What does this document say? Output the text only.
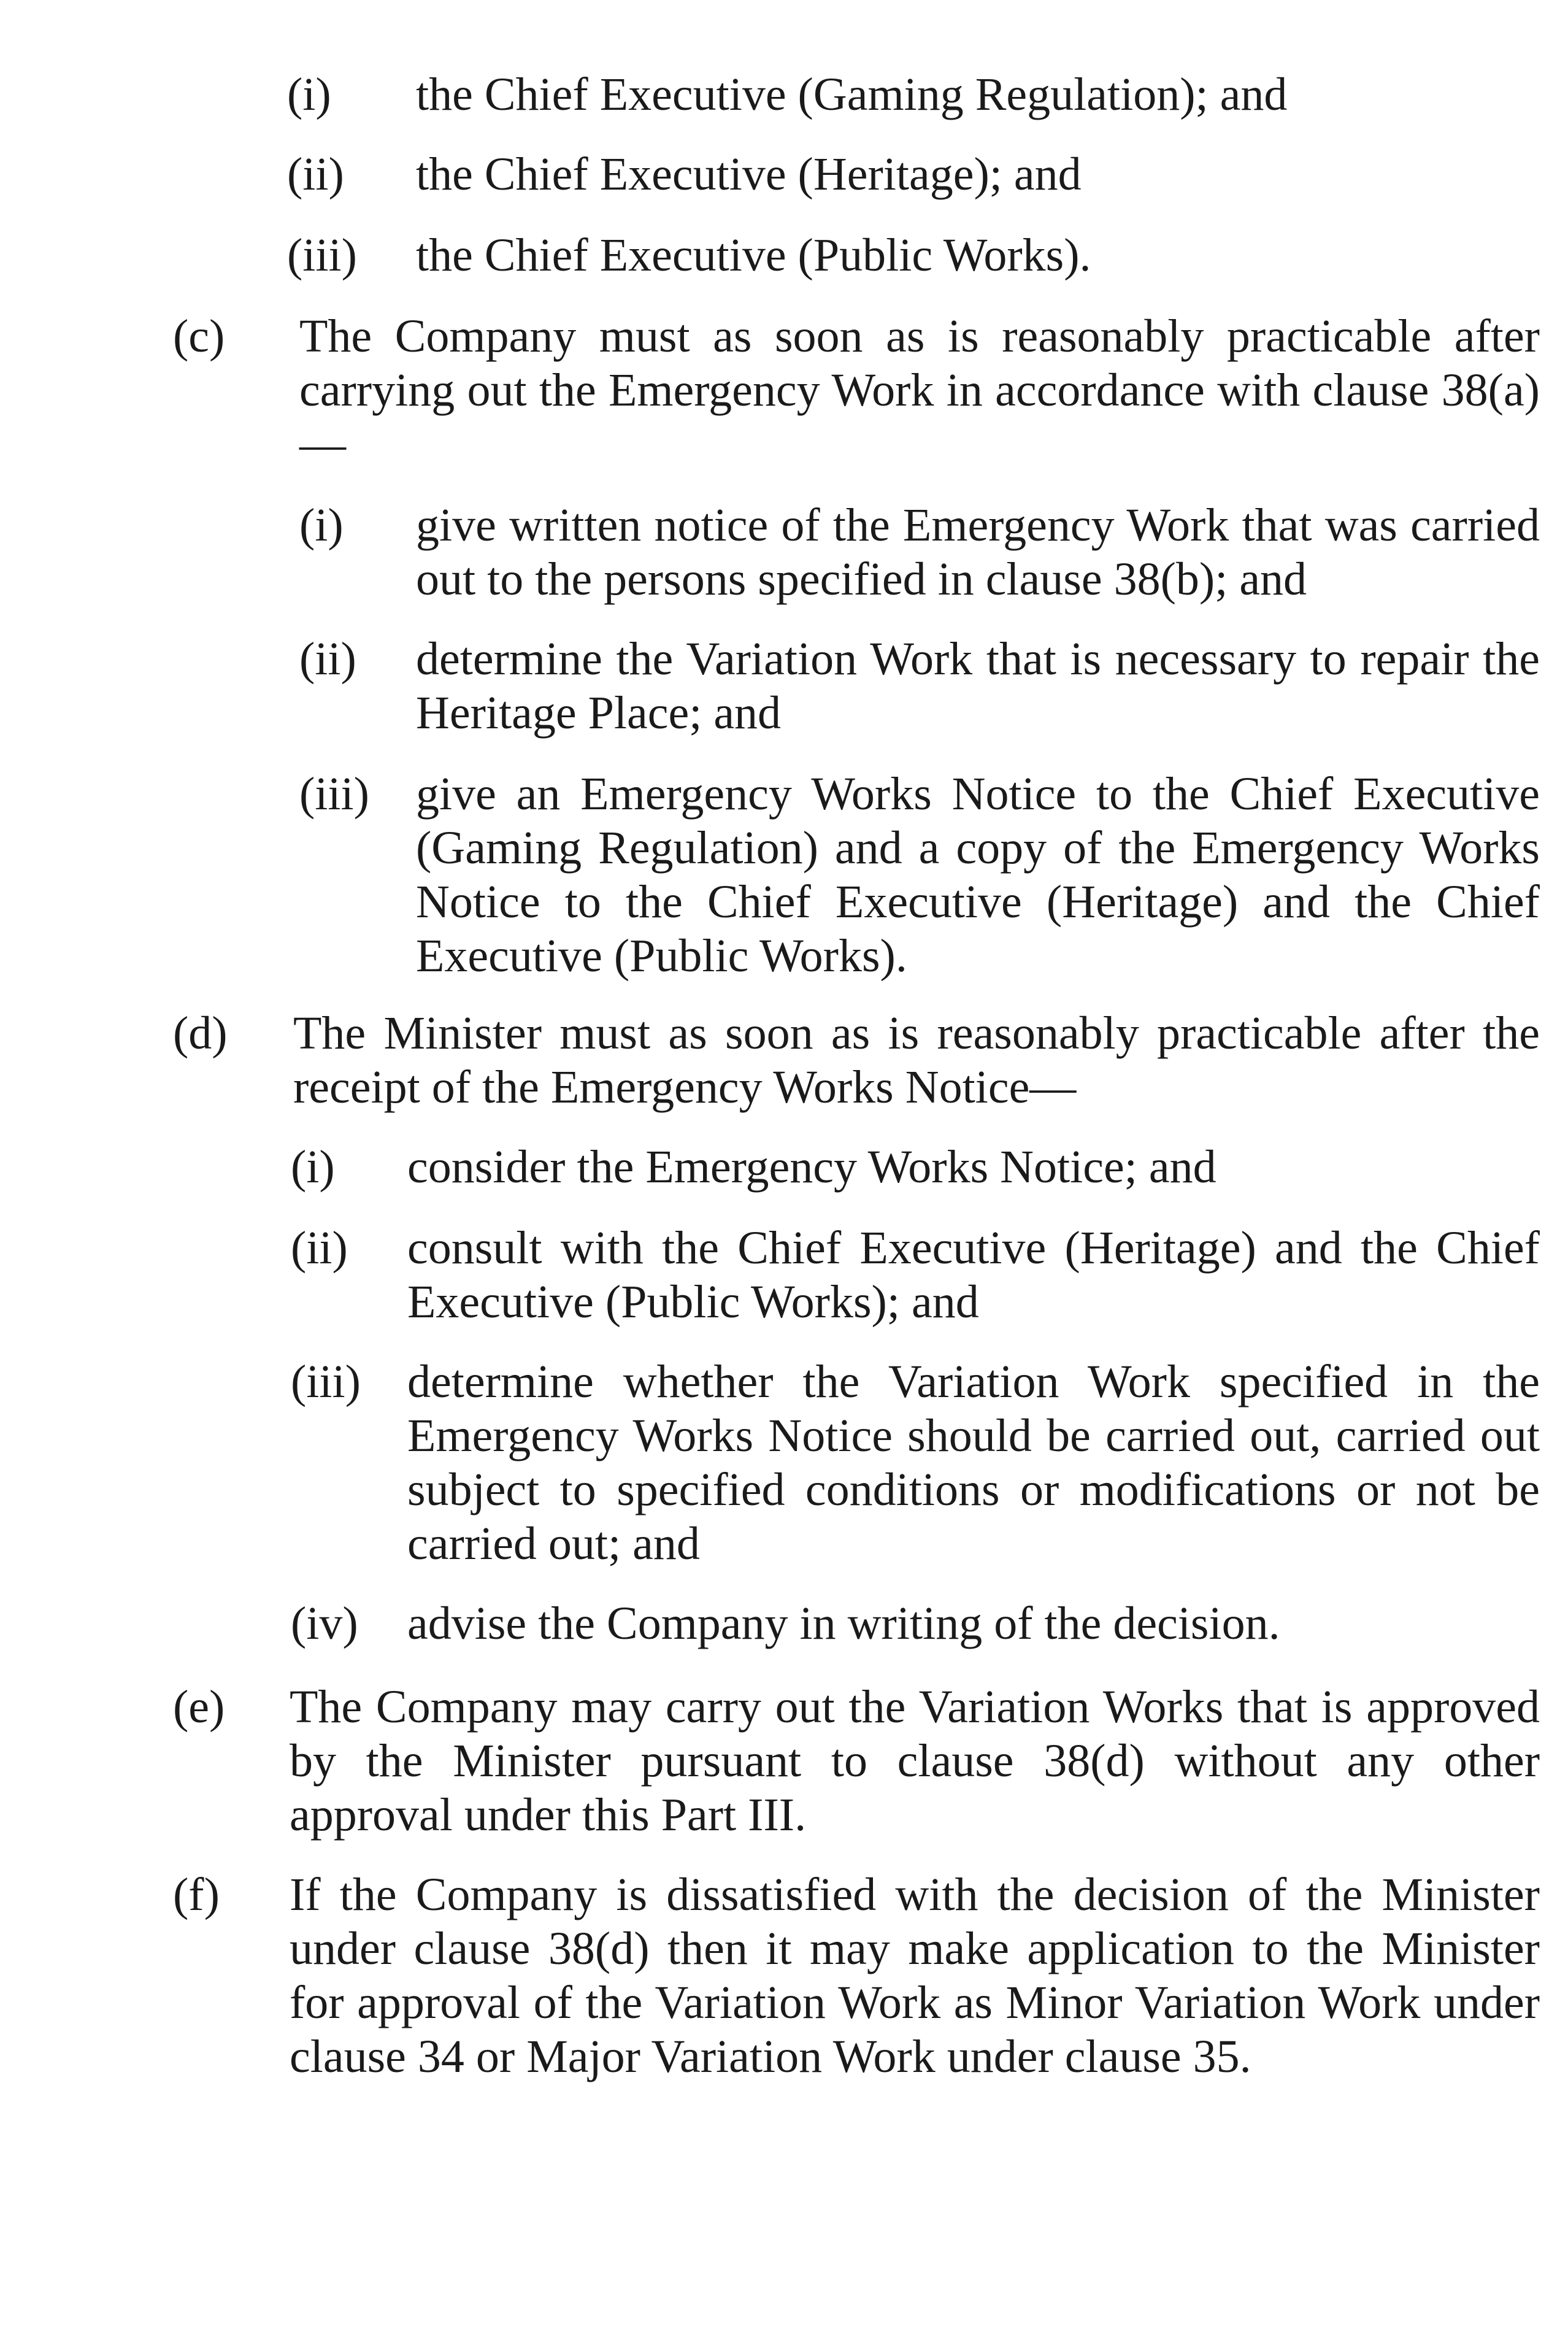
(i) the Chief Executive (Gaming Regulation); and
(ii) the Chief Executive (Heritage); and
(iii) the Chief Executive (Public Works).
(c) The Company must as soon as is reasonably practicable after carrying out the Emergency Work in accordance with clause 38(a)—
(i) give written notice of the Emergency Work that was carried out to the persons specified in clause 38(b); and
(ii) determine the Variation Work that is necessary to repair the Heritage Place; and
(iii) give an Emergency Works Notice to the Chief Executive (Gaming Regulation) and a copy of the Emergency Works Notice to the Chief Executive (Heritage) and the Chief Executive (Public Works).
(d) The Minister must as soon as is reasonably practicable after the receipt of the Emergency Works Notice—
(i) consider the Emergency Works Notice; and
(ii) consult with the Chief Executive (Heritage) and the Chief Executive (Public Works); and
(iii) determine whether the Variation Work specified in the Emergency Works Notice should be carried out, carried out subject to specified conditions or modifications or not be carried out; and
(iv) advise the Company in writing of the decision.
(e) The Company may carry out the Variation Works that is approved by the Minister pursuant to clause 38(d) without any other approval under this Part III.
(f) If the Company is dissatisfied with the decision of the Minister under clause 38(d) then it may make application to the Minister for approval of the Variation Work as Minor Variation Work under clause 34 or Major Variation Work under clause 35.
